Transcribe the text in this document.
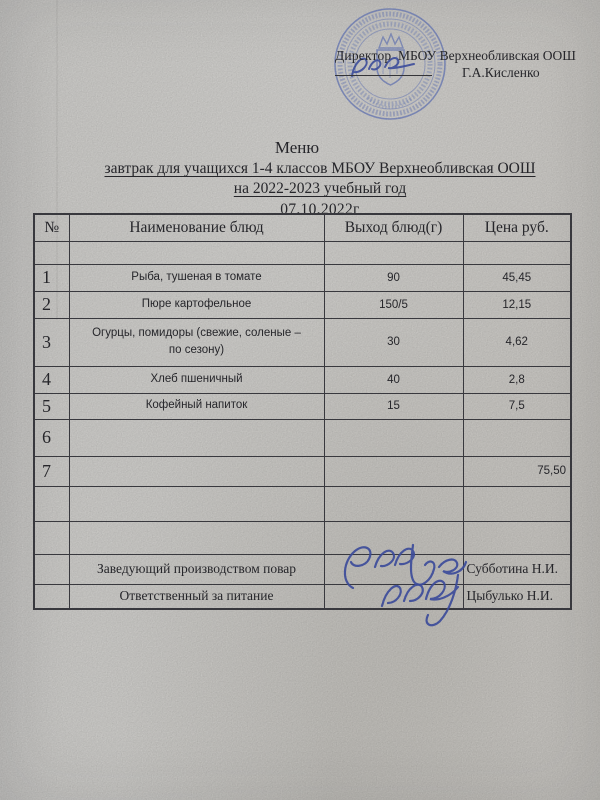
Директор МБОУ Верхнеобливская ООШ
Г.А.Кисленко
Меню
завтрак для учащихся 1-4 классов МБОУ Верхнеобливская ООШ
на 2022-2023 учебный год
07.10.2022г
№	Наименование блюд	Выход блюд(г)	Цена руб.

1	Рыба, тушеная в томате	90	45,45
2	Пюре картофельное	150/5	12,15
3	Огурцы, помидоры (свежие, соленые – по сезону)	30	4,62
4	Хлеб пшеничный	40	2,8
5	Кофейный напиток	15	7,5
6			
7			75,50

	Заведующий производством повар		Субботина Н.И.
	Ответственный за питание		Цыбулько Н.И.
